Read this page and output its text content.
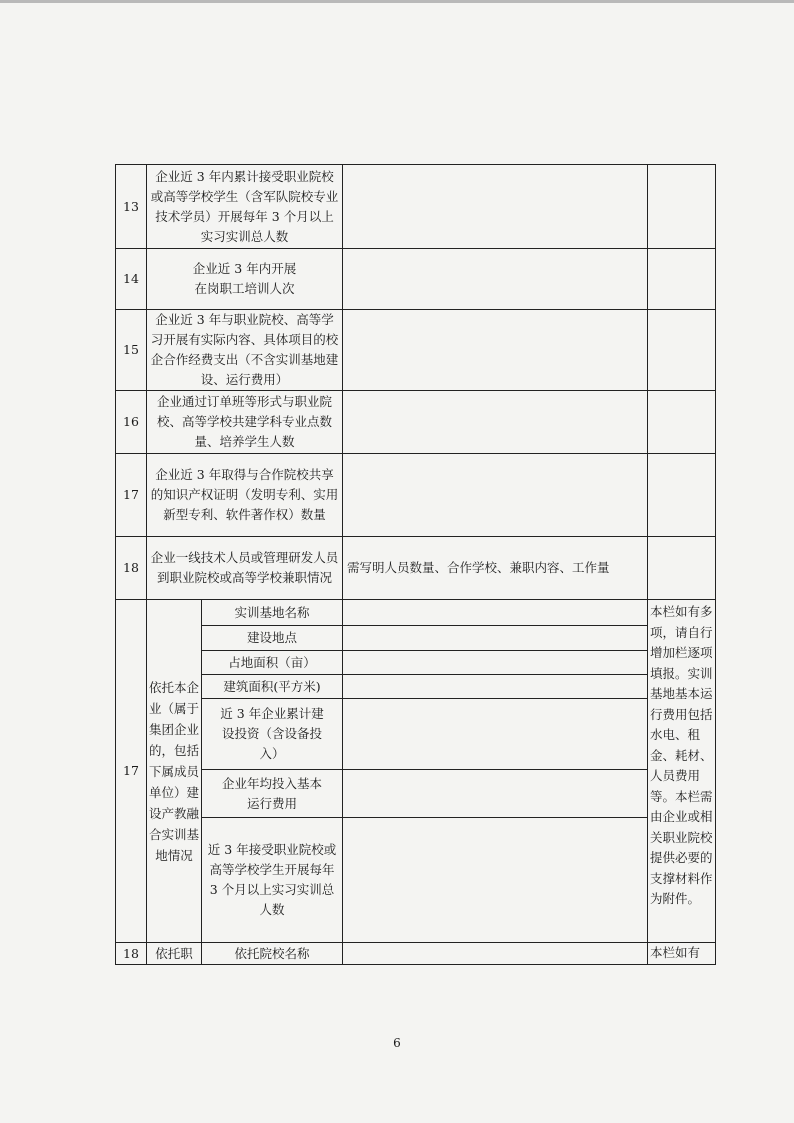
13	企业近 3 年内累计接受职业院校或高等学校学生（含军队院校专业技术学员）开展每年 3 个月以上实习实训总人数			
14	企业近 3 年内开展在岗职工培训人次			
15	企业近 3 年与职业院校、高等学习开展有实际内容、具体项目的校企合作经费支出（不含实训基地建设、运行费用）			
16	企业通过订单班等形式与职业院校、高等学校共建学科专业点数量、培养学生人数			
17	企业近 3 年取得与合作院校共享的知识产权证明（发明专利、实用新型专利、软件著作权）数量			
18	企业一线技术人员或管理研发人员到职业院校或高等学校兼职情况		需写明人员数量、合作学校、兼职内容、工作量	
17	依托本企业（属于集团企业的，包括下属成员单位）建设产教融合实训基地情况	实训基地名称		本栏如有多项，请自行增加栏逐项填报。实训基地基本运行费用包括水电、租金、耗材、人员费用等。本栏需由企业或相关职业院校提供必要的支撑材料作为附件。
		建设地点		
		占地面积（亩）		
		建筑面积(平方米)		
		近 3 年企业累计建设投资（含设备投入）		
		企业年均投入基本运行费用		
		近 3 年接受职业院校或高等学校学生开展每年 3 个月以上实习实训总人数		
18	依托职	依托院校名称		本栏如有
6
